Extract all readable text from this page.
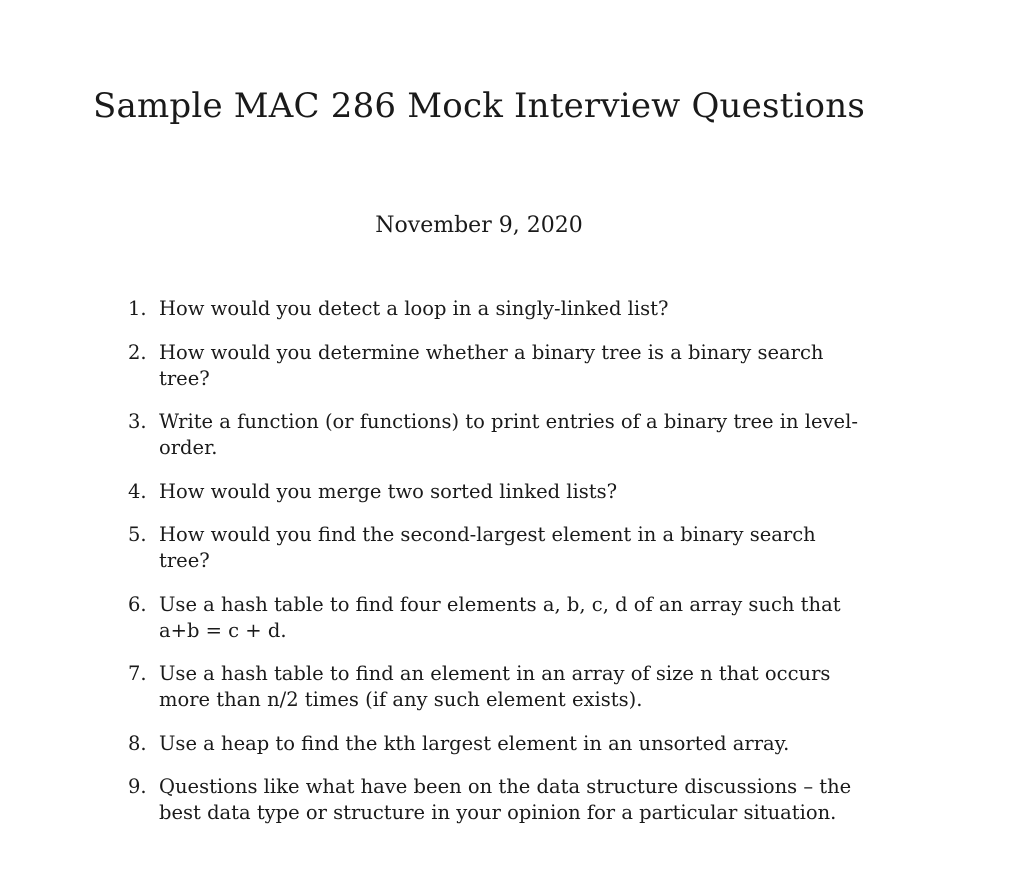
Sample MAC 286 Mock Interview Questions

November 9, 2020

1. How would you detect a loop in a singly-linked list?
2. How would you determine whether a binary tree is a binary search tree?
3. Write a function (or functions) to print entries of a binary tree in level-order.
4. How would you merge two sorted linked lists?
5. How would you find the second-largest element in a binary search tree?
6. Use a hash table to find four elements a, b, c, d of an array such that a+b = c + d.
7. Use a hash table to find an element in an array of size n that occurs more than n/2 times (if any such element exists).
8. Use a heap to find the kth largest element in an unsorted array.
9. Questions like what have been on the data structure discussions – the best data type or structure in your opinion for a particular situation.
